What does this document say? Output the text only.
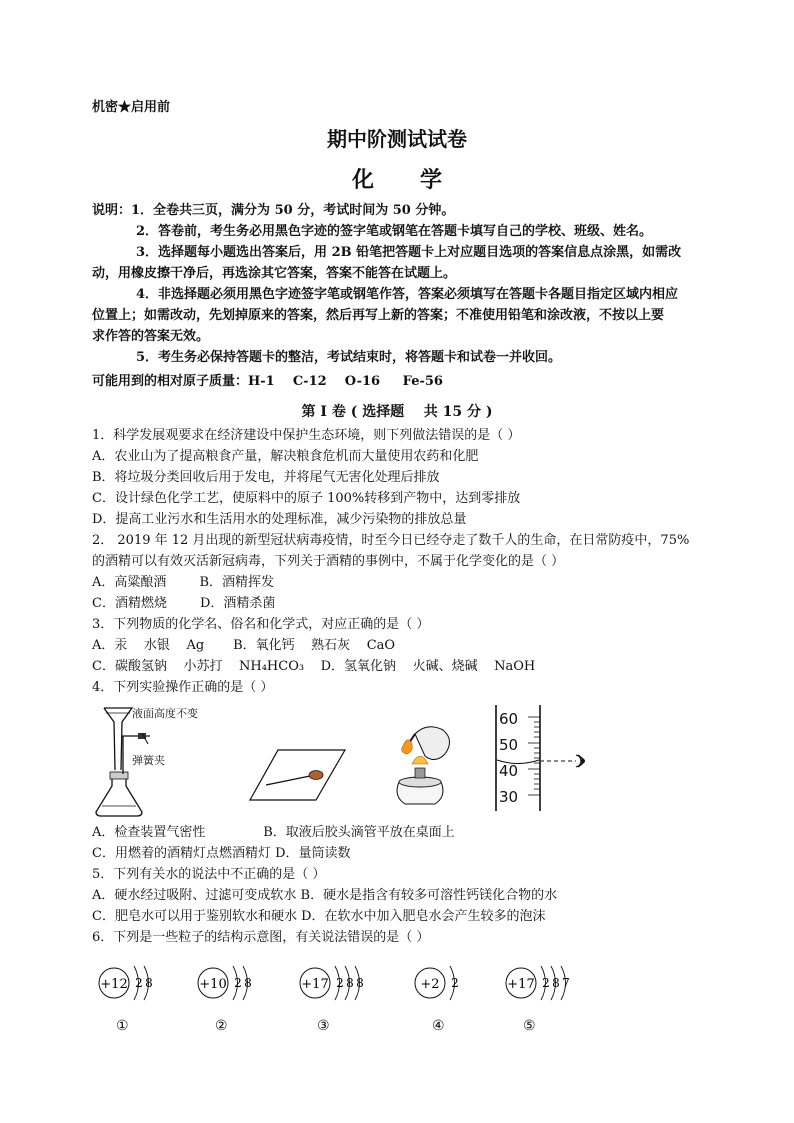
机密★启用前
期中阶测试试卷
化      学
说明：1．全卷共三页，满分为 50 分，考试时间为 50 分钟。
2．答卷前，考生务必用黑色字迹的签字笔或钢笔在答题卡填写自己的学校、班级、姓名。
3．选择题每小题选出答案后，用 2B 铅笔把答题卡上对应题目选项的答案信息点涂黑，如需改
动，用橡皮擦干净后，再选涂其它答案，答案不能答在试题上。
4．非选择题必须用黑色字迹签字笔或钢笔作答，答案必须填写在答题卡各题目指定区域内相应
位置上；如需改动，先划掉原来的答案，然后再写上新的答案；不准使用铅笔和涂改液，不按以上要
求作答的答案无效。
5．考生务必保持答题卡的整洁，考试结束时，将答题卡和试卷一并收回。
可能用到的相对原子质量：H-1    C-12    O-16     Fe-56
第 I 卷 ( 选择题    共 15 分 )
1．科学发展观要求在经济建设中保护生态环境，则下列做法错误的是（ ）
A．农业山为了提高粮食产量，解决粮食危机而大量使用农药和化肥
B．将垃圾分类回收后用于发电，并将尾气无害化处理后排放
C．设计绿色化学工艺，使原料中的原子 100%转移到产物中，达到零排放
D．提高工业污水和生活用水的处理标准，减少污染物的排放总量
2． 2019 年 12 月出现的新型冠状病毒疫情，时至今日已经夺走了数千人的生命，在日常防疫中，75%
的酒精可以有效灭活新冠病毒，下列关于酒精的事例中，不属于化学变化的是（ ）
A．高粱酿酒        B．酒精挥发
C．酒精燃烧        D．酒精杀菌
3．下列物质的化学名、俗名和化学式，对应正确的是（ ）
A．汞    水银    Ag       B．氧化钙    熟石灰    CaO
C．碳酸氢钠    小苏打    NH₄HCO₃    D．氢氧化钠    火碱、烧碱    NaOH
4．下列实验操作正确的是（ ）
液面高度不变
弹簧夹
60
50
40
30
A．检查装置气密性              B．取液后胶头滴管平放在桌面上
C．用燃着的酒精灯点燃酒精灯 D．量筒读数
5．下列有关水的说法中不正确的是（ ）
A．硬水经过吸附、过滤可变成软水 B．硬水是指含有较多可溶性钙镁化合物的水
C．肥皂水可以用于鉴别软水和硬水 D．在软水中加入肥皂水会产生较多的泡沫
6．下列是一些粒子的结构示意图，有关说法错误的是（ ）
+12 2 8
①
+10 2 8
②
+17 2 8 8
③
+2 2
④
+17 2 8 7
⑤
